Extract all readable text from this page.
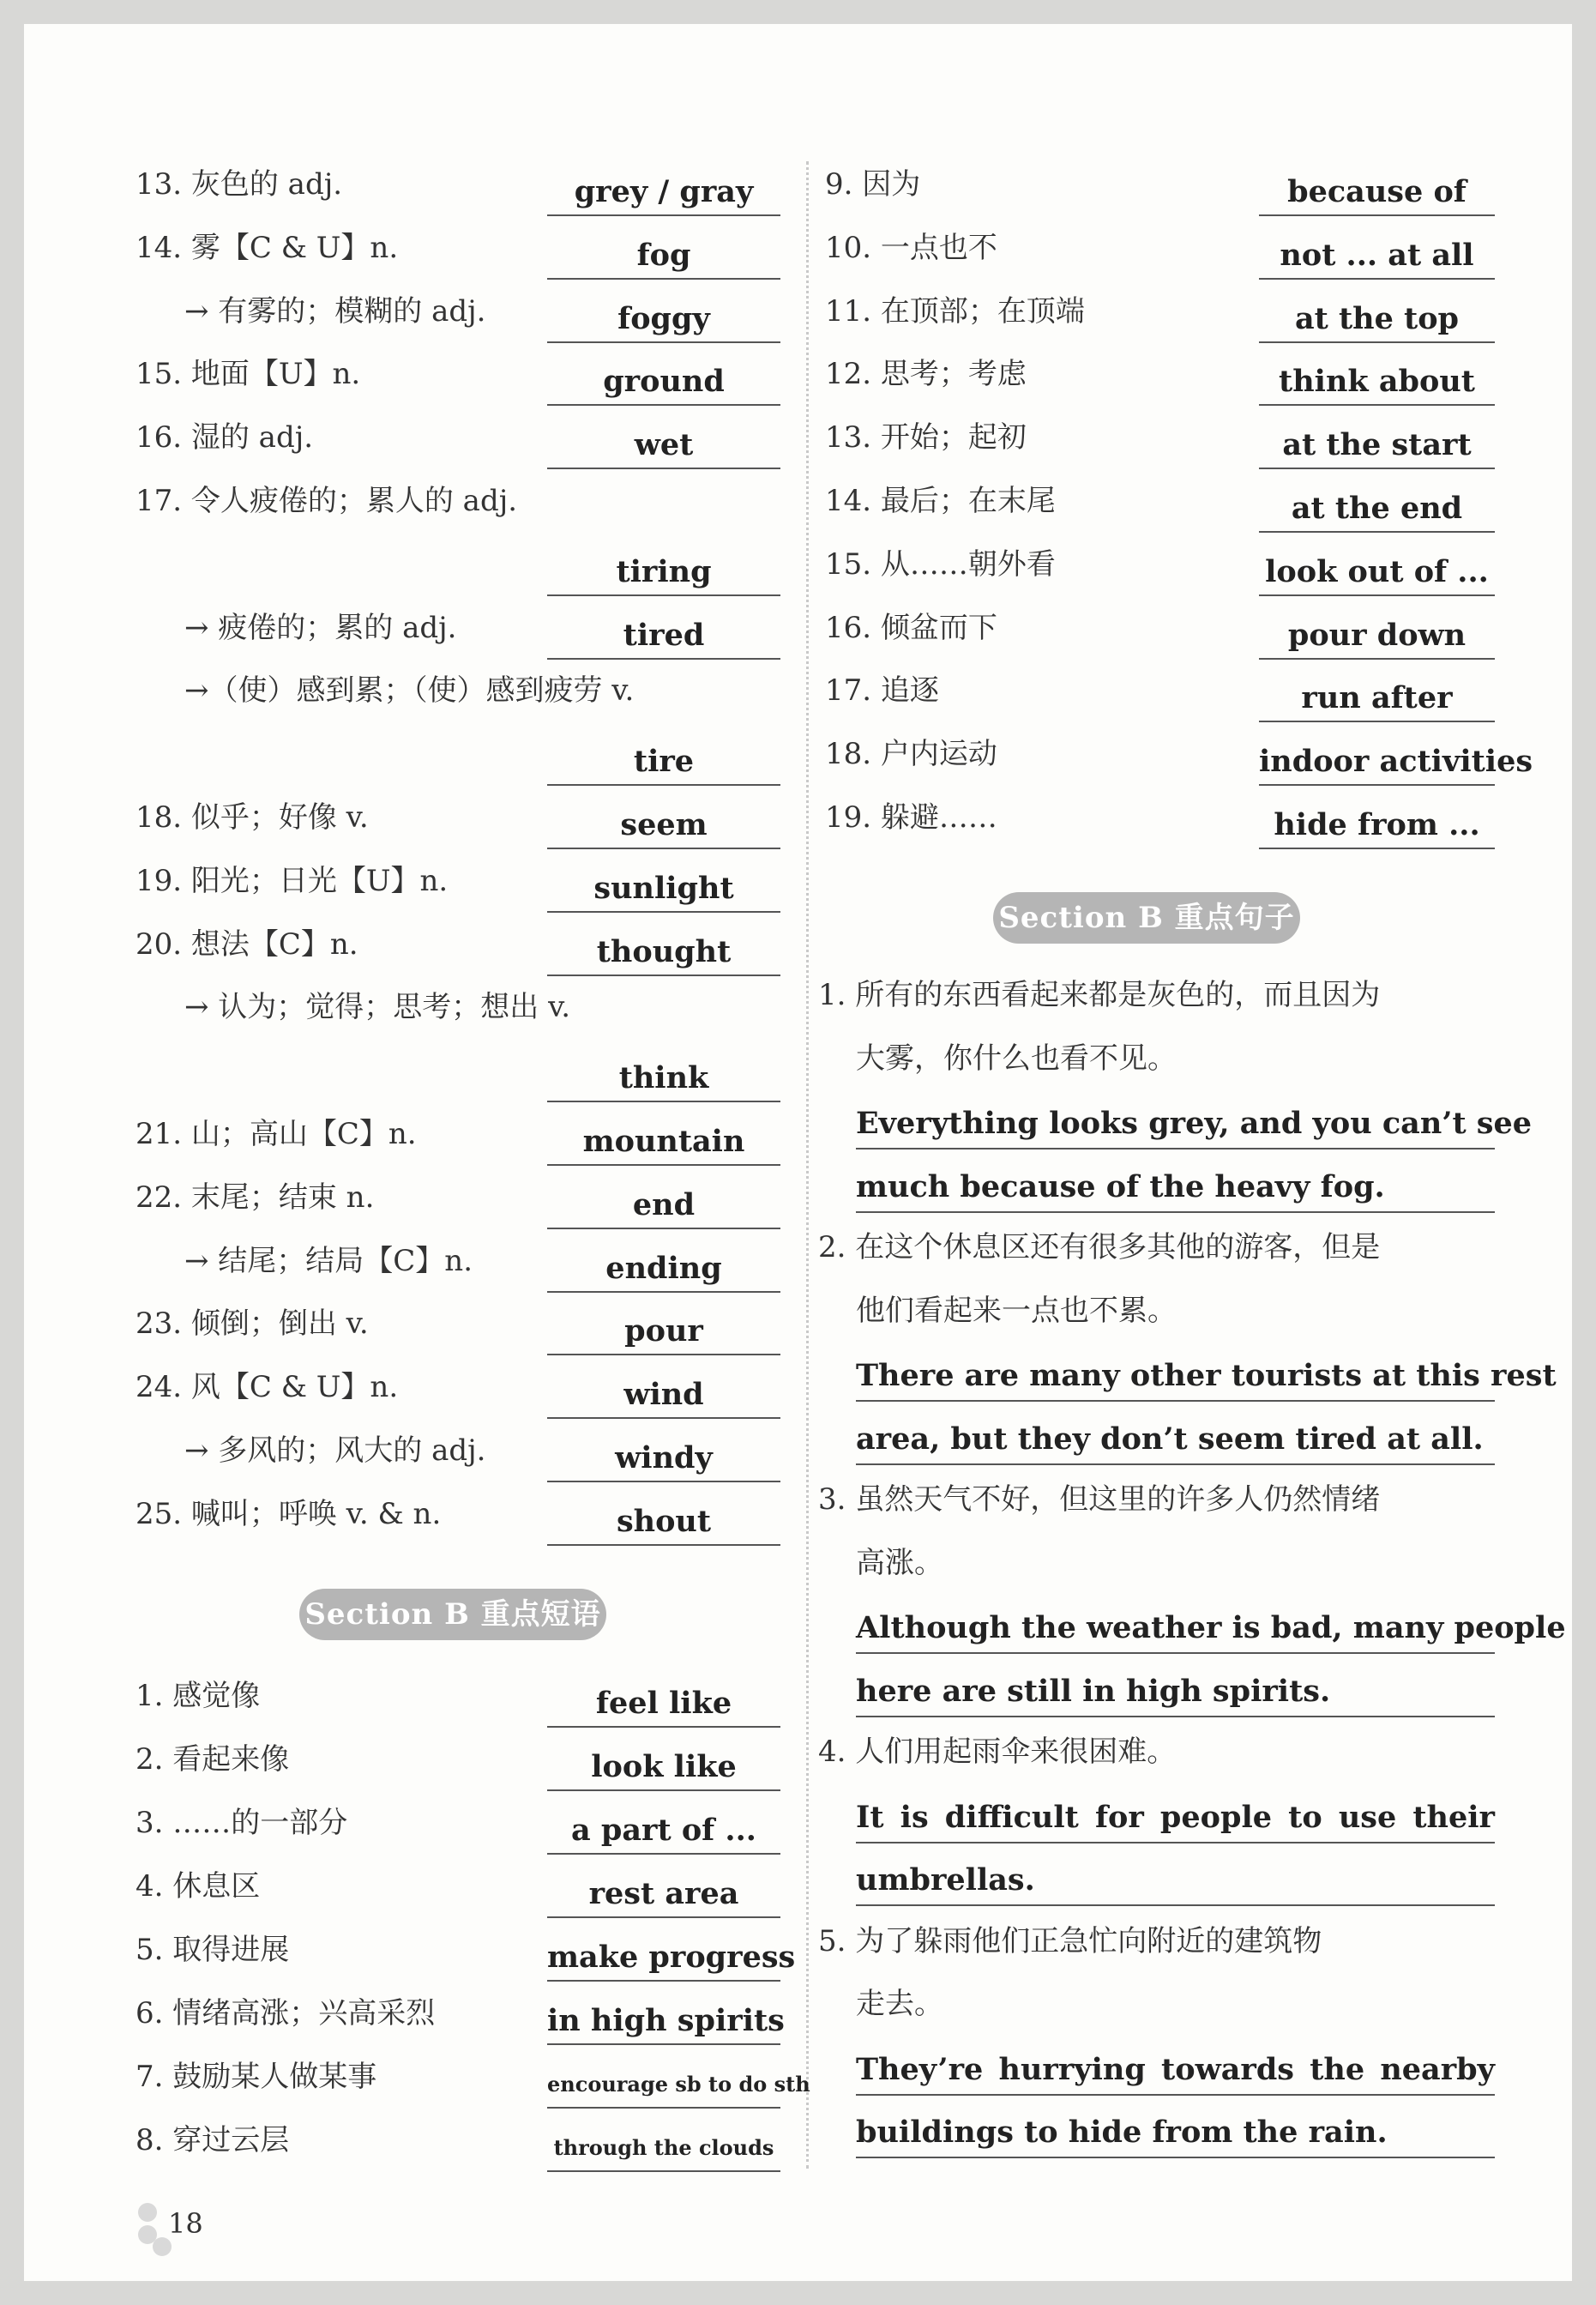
13. 灰色的 adj.	grey / gray
14. 雾【C & U】n.	fog
→ 有雾的；模糊的 adj.	foggy
15. 地面【U】n.	ground
16. 湿的 adj.	wet
17. 令人疲倦的；累人的 adj.
tiring
→ 疲倦的；累的 adj.	tired
→（使）感到累；（使）感到疲劳 v.
tire
18. 似乎；好像 v.	seem
19. 阳光；日光【U】n.	sunlight
20. 想法【C】n.	thought
→ 认为；觉得；思考；想出 v.
think
21. 山；高山【C】n.	mountain
22. 末尾；结束 n.	end
→ 结尾；结局【C】n.	ending
23. 倾倒；倒出 v.	pour
24. 风【C & U】n.	wind
→ 多风的；风大的 adj.	windy
25. 喊叫；呼唤 v. & n.	shout
1. 感觉像	feel like
2. 看起来像	look like
3. ……的一部分	a part of ...
4. 休息区	rest area
5. 取得进展	make progress
6. 情绪高涨；兴高采烈	in high spirits
7. 鼓励某人做某事	encourage sb to do sth
8. 穿过云层	through the clouds
9. 因为	because of
10. 一点也不	not ... at all
11. 在顶部；在顶端	at the top
12. 思考；考虑	think about
13. 开始；起初	at the start
14. 最后；在末尾	at the end
15. 从……朝外看	look out of ...
16. 倾盆而下	pour down
17. 追逐	run after
18. 户内运动	indoor activities
19. 躲避……	hide from ...
Section B 重点短语
Section B 重点句子
18
1. 所有的东西看起来都是灰色的，而且因为
大雾，你什么也看不见。
Everything looks grey, and you can’t see
much because of the heavy fog.
2. 在这个休息区还有很多其他的游客，但是
他们看起来一点也不累。
There are many other tourists at this rest
area, but they don’t seem tired at all.
3. 虽然天气不好，但这里的许多人仍然情绪
高涨。
Although the weather is bad, many people
here are still in high spirits.
4. 人们用起雨伞来很困难。
It is difficult for people to use their
umbrellas.
5. 为了躲雨他们正急忙向附近的建筑物
走去。
They’re hurrying towards the nearby
buildings to hide from the rain.
